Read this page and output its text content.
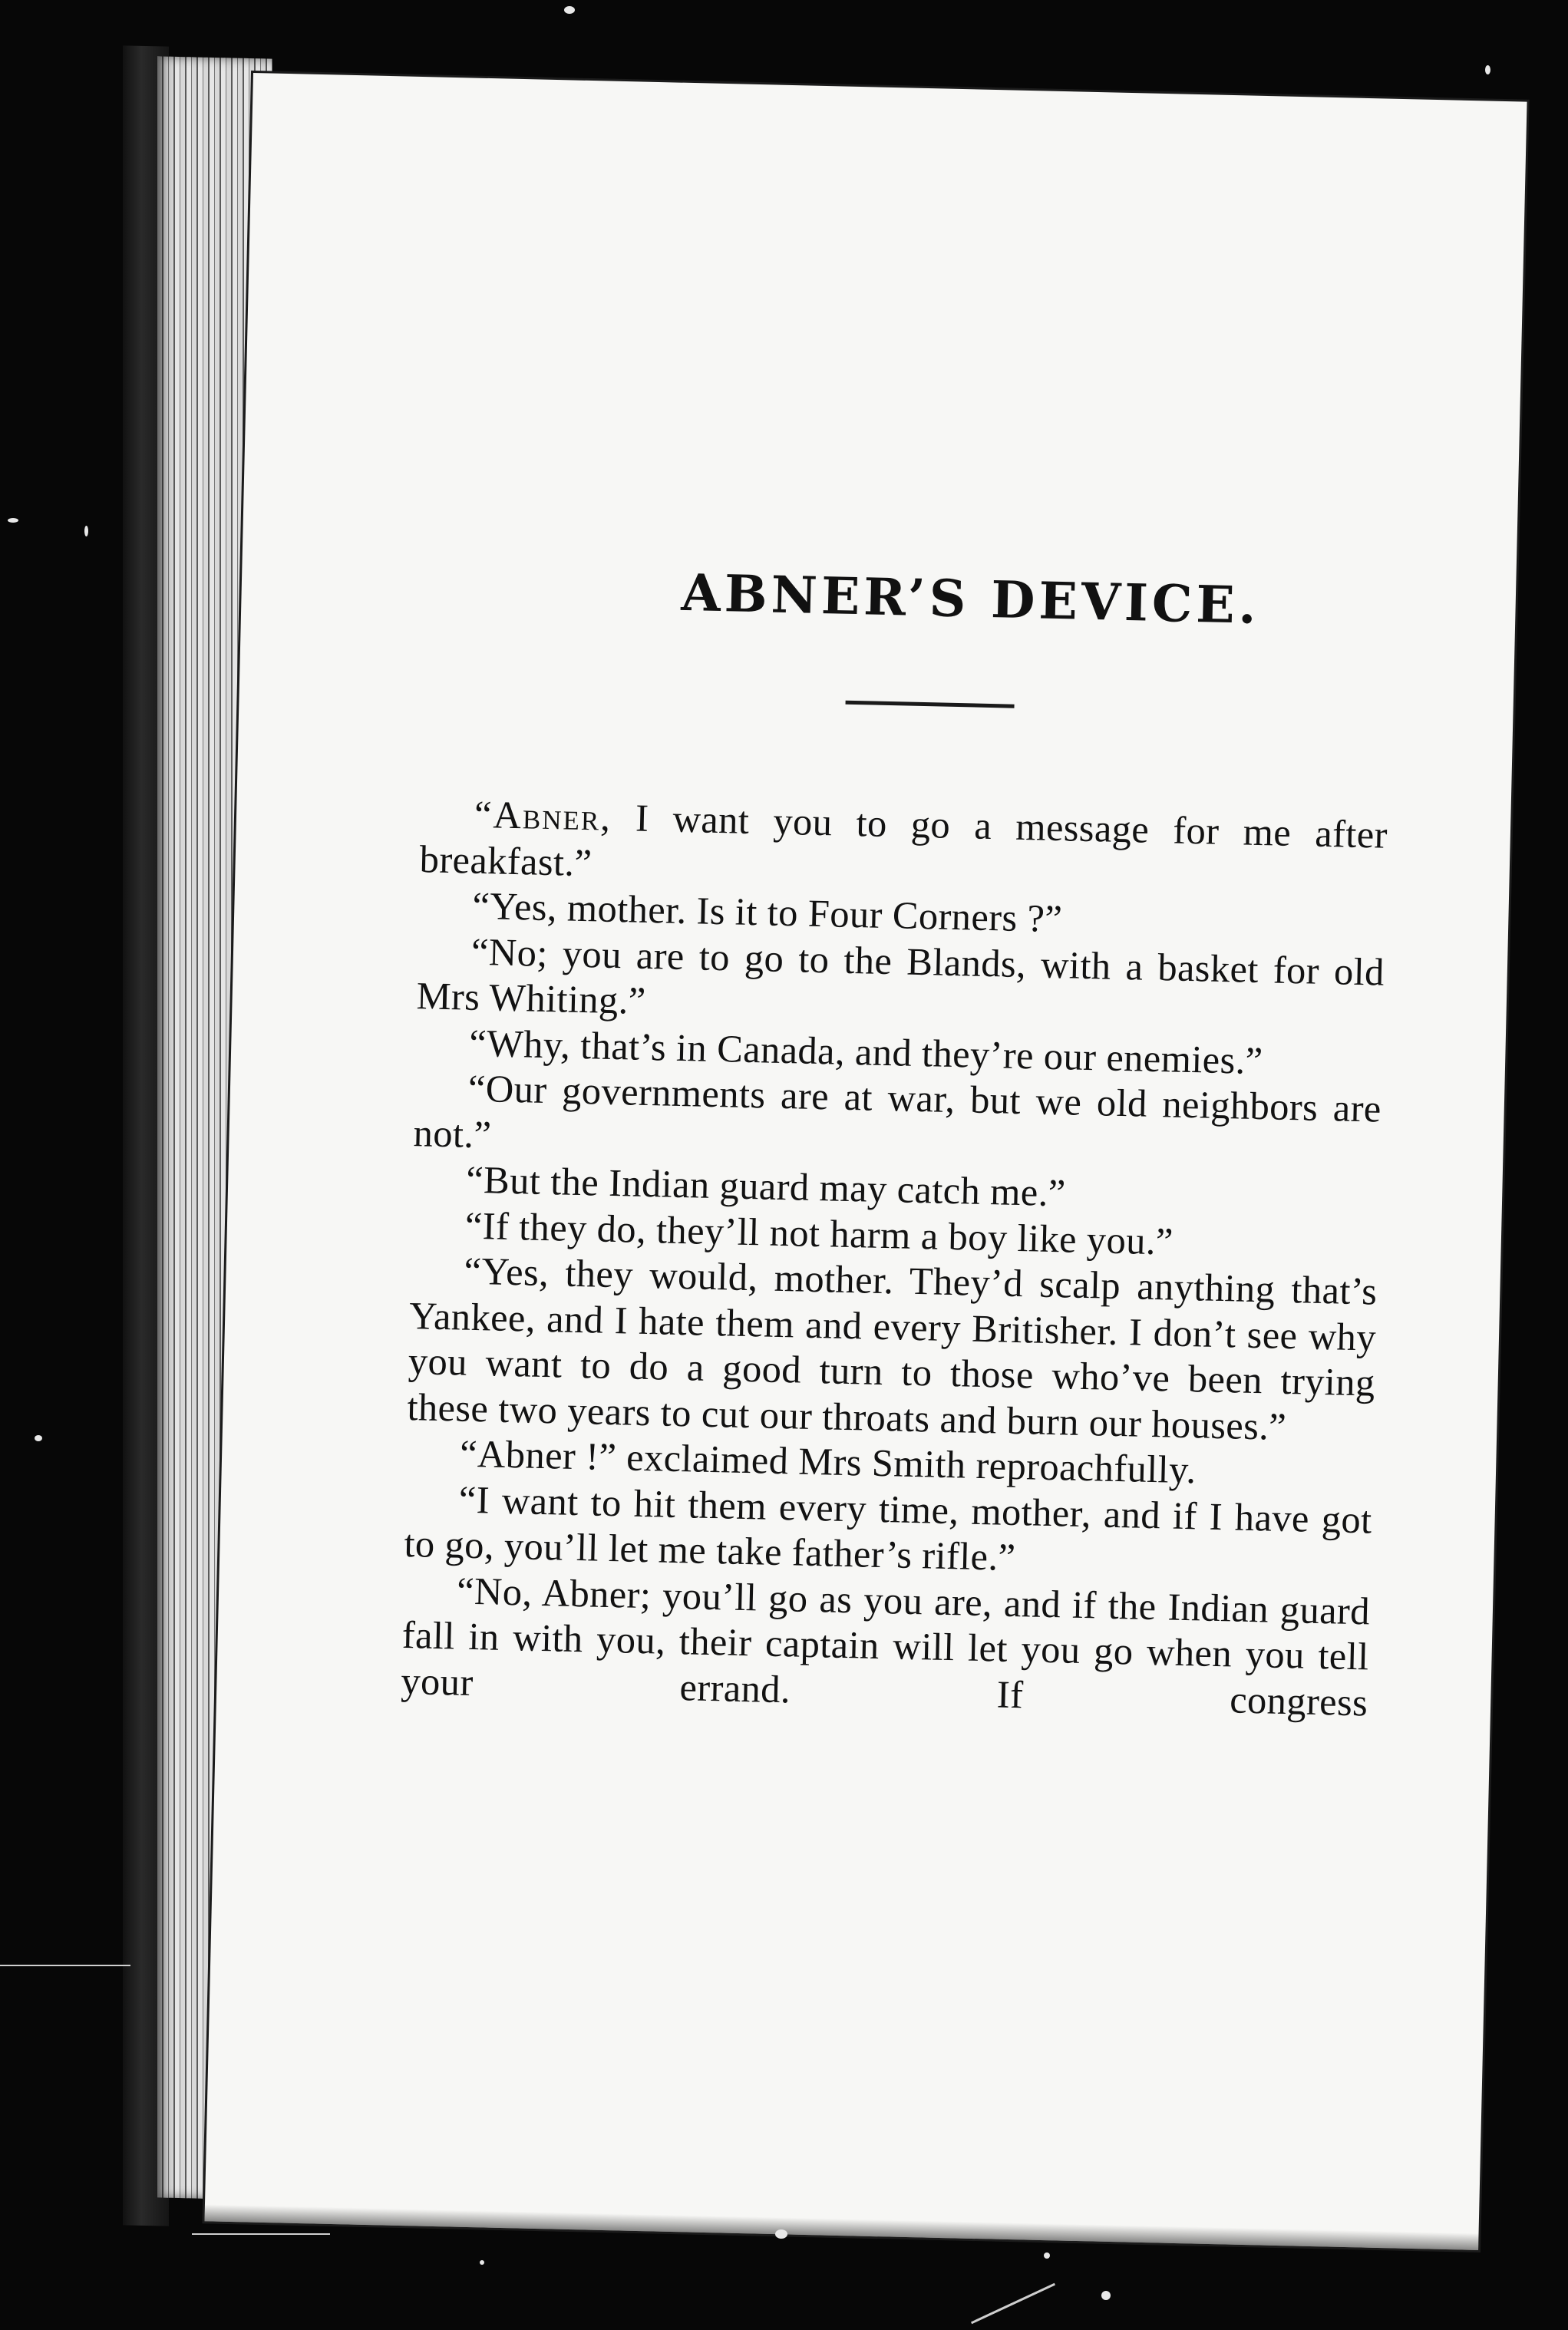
ABNER’S DEVICE.

“Abner, I want you to go a message for me after breakfast.”

“Yes, mother. Is it to Four Corners ?”

“No; you are to go to the Blands, with a basket for old Mrs Whiting.”

“Why, that’s in Canada, and they’re our enemies.”

“Our governments are at war, but we old neighbors are not.”

“But the Indian guard may catch me.”

“If they do, they’ll not harm a boy like you.”

“Yes, they would, mother. They’d scalp anything that’s Yankee, and I hate them and every Britisher. I don’t see why you want to do a good turn to those who’ve been trying these two years to cut our throats and burn our houses.”

“Abner !” exclaimed Mrs Smith reproachfully.

“I want to hit them every time, mother, and if I have got to go, you’ll let me take father’s rifle.”

“No, Abner; you’ll go as you are, and if the Indian guard fall in with you, their captain will let you go when you tell your errand. If congress
